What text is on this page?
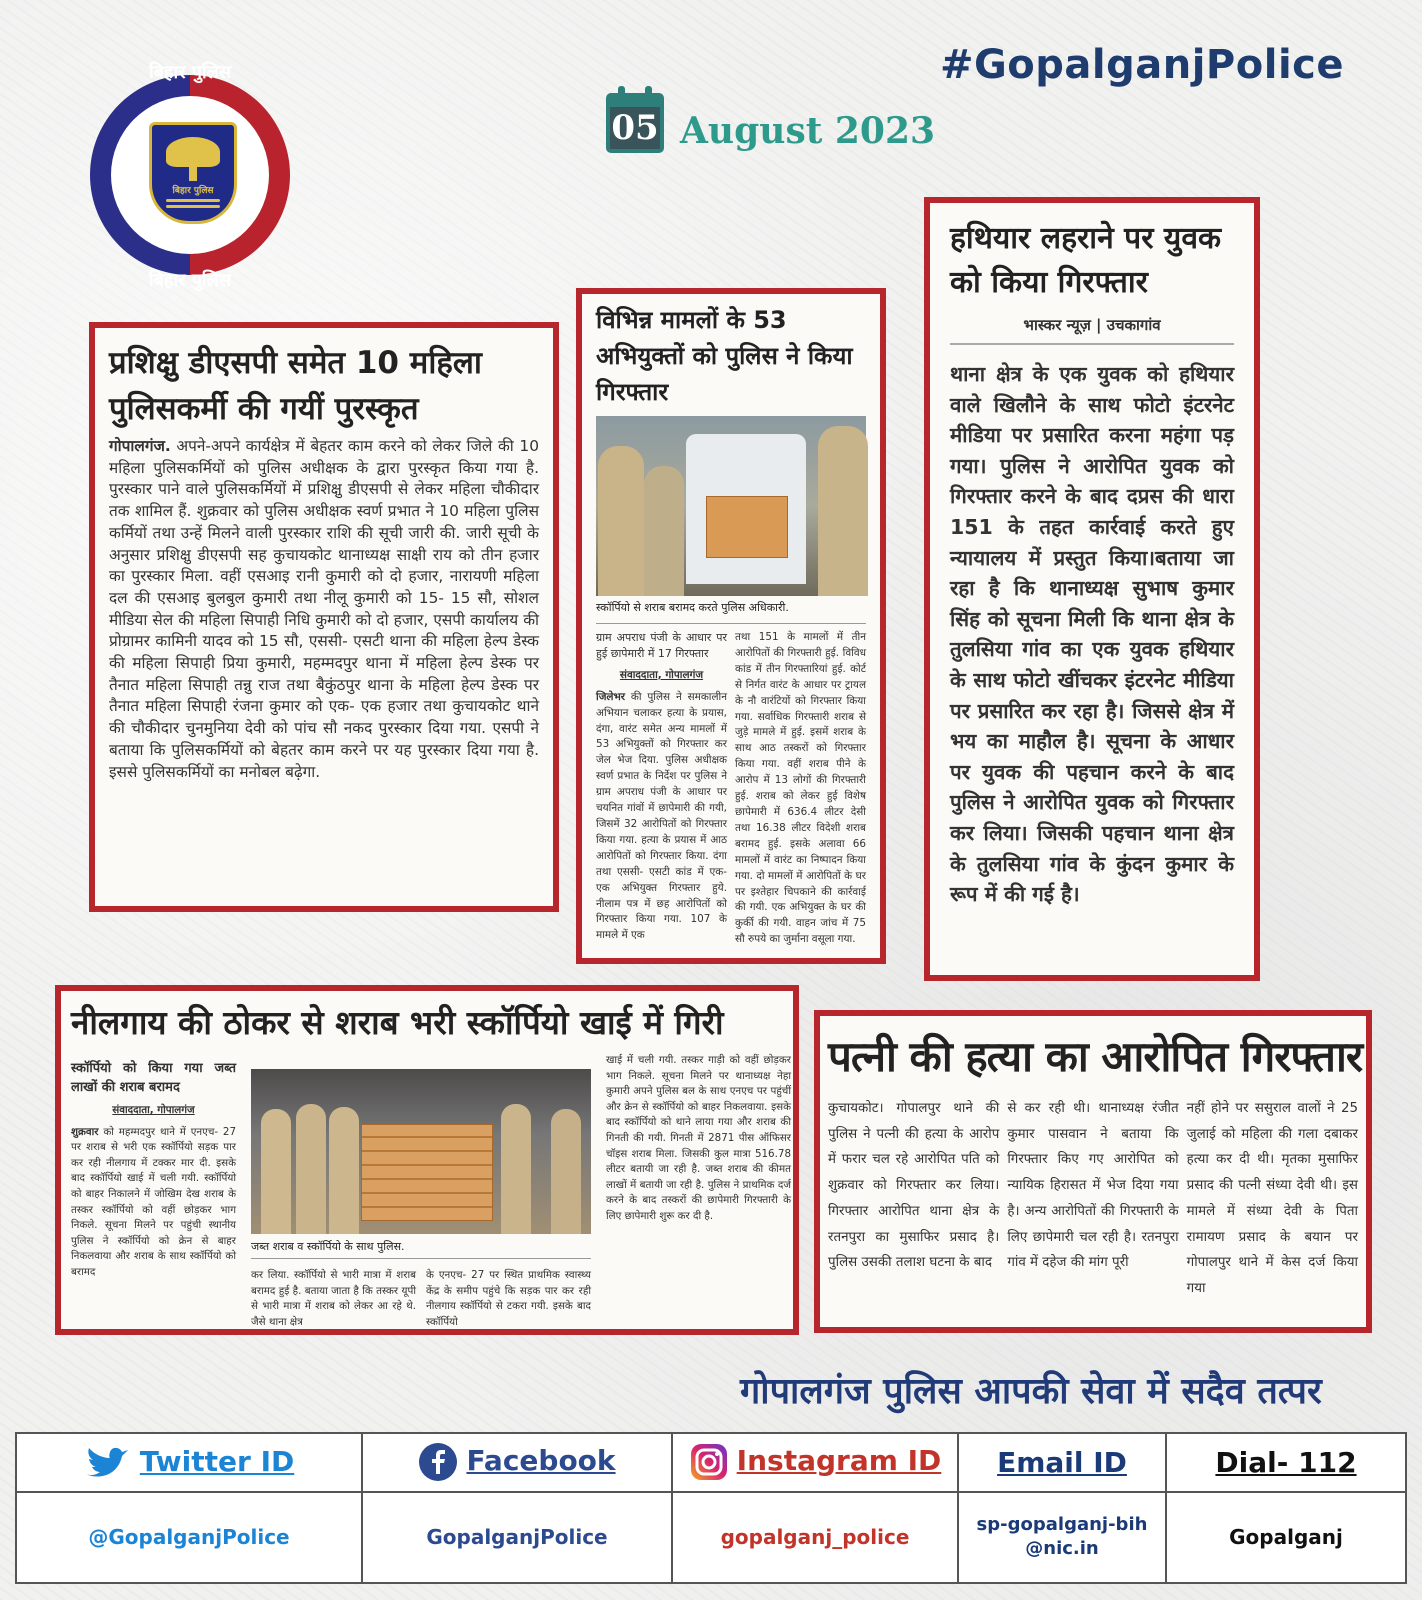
बिहार पुलिस
बिहार पुलिस
बिहार पुलिस
#GopalganjPolice
05 August 2023
प्रशिक्षु डीएसपी समेत 10 महिला पुलिसकर्मी की गयीं पुरस्कृत
गोपालगंज. अपने-अपने कार्यक्षेत्र में बेहतर काम करने को लेकर जिले की 10 महिला पुलिसकर्मियों को पुलिस अधीक्षक के द्वारा पुरस्कृत किया गया है. पुरस्कार पाने वाले पुलिसकर्मियों में प्रशिक्षु डीएसपी से लेकर महिला चौकीदार तक शामिल हैं. शुक्रवार को पुलिस अधीक्षक स्वर्ण प्रभात ने 10 महिला पुलिस कर्मियों तथा उन्हें मिलने वाली पुरस्कार राशि की सूची जारी की. जारी सूची के अनुसार प्रशिक्षु डीएसपी सह कुचायकोट थानाध्यक्ष साक्षी राय को तीन हजार का पुरस्कार मिला. वहीं एसआइ रानी कुमारी को दो हजार, नारायणी महिला दल की एसआइ बुलबुल कुमारी तथा नीलू कुमारी को 15- 15 सौ, सोशल मीडिया सेल की महिला सिपाही निधि कुमारी को दो हजार, एसपी कार्यालय की प्रोग्रामर कामिनी यादव को 15 सौ, एससी- एसटी थाना की महिला हेल्प डेस्क की महिला सिपाही प्रिया कुमारी, महम्मदपुर थाना में महिला हेल्प डेस्क पर तैनात महिला सिपाही तन्नु राज तथा बैकुंठपुर थाना के महिला हेल्प डेस्क पर तैनात महिला सिपाही रंजना कुमार को एक- एक हजार तथा कुचायकोट थाने की चौकीदार चुनमुनिया देवी को पांच सौ नकद पुरस्कार दिया गया. एसपी ने बताया कि पुलिसकर्मियों को बेहतर काम करने पर यह पुरस्कार दिया गया है. इससे पुलिसकर्मियों का मनोबल बढ़ेगा.
विभिन्न मामलों के 53 अभियुक्तों को पुलिस ने किया गिरफ्तार
स्कॉर्पियो से शराब बरामद करते पुलिस अधिकारी.
ग्राम अपराध पंजी के आधार पर हुई छापेमारी में 17 गिरफ्तार
संवाददाता, गोपालगंज
जिलेभर की पुलिस ने समकालीन अभियान चलाकर हत्या के प्रयास, दंगा, वारंट समेत अन्य मामलों में 53 अभियुक्तों को गिरफ्तार कर जेल भेज दिया. पुलिस अधीक्षक स्वर्ण प्रभात के निर्देश पर पुलिस ने ग्राम अपराध पंजी के आधार पर चयनित गांवों में छापेमारी की गयी, जिसमें 32 आरोपितों को गिरफ्तार किया गया. हत्या के प्रयास में आठ आरोपितों को गिरफ्तार किया. दंगा तथा एससी- एसटी कांड में एक-एक अभियुक्त गिरफ्तार हुये. नीलाम पत्र में छह आरोपितों को गिरफ्तार किया गया. 107 के मामले में एक
तथा 151 के मामलों में तीन आरोपितों की गिरफ्तारी हुई. विविध कांड में तीन गिरफ्तारियां हुई. कोर्ट से निर्गत वारंट के आधार पर ट्रायल के नौ वारंटियों को गिरफ्तार किया गया. सर्वाधिक गिरफ्तारी शराब से जुड़े मामले में हुई. इसमें शराब के साथ आठ तस्करों को गिरफ्तार किया गया. वहीं शराब पीने के आरोप में 13 लोगों की गिरफ्तारी हुई. शराब को लेकर हुई विशेष छापेमारी में 636.4 लीटर देसी तथा 16.38 लीटर विदेशी शराब बरामद हुई. इसके अलावा 66 मामलों में वारंट का निष्पादन किया गया. दो मामलों में आरोपितों के घर पर इश्तेहार चिपकाने की कार्रवाई की गयी. एक अभियुक्त के घर की कुर्की की गयी. वाहन जांच में 75 सौ रुपये का जुर्माना वसूला गया.
हथियार लहराने पर युवक को किया गिरफ्तार
भास्कर न्यूज़ | उचकागांव
थाना क्षेत्र के एक युवक को हथियार वाले खिलौने के साथ फोटो इंटरनेट मीडिया पर प्रसारित करना महंगा पड़ गया। पुलिस ने आरोपित युवक को गिरफ्तार करने के बाद दप्रस की धारा 151 के तहत कार्रवाई करते हुए न्यायालय में प्रस्तुत किया।बताया जा रहा है कि थानाध्यक्ष सुभाष कुमार सिंह को सूचना मिली कि थाना क्षेत्र के तुलसिया गांव का एक युवक हथियार के साथ फोटो खींचकर इंटरनेट मीडिया पर प्रसारित कर रहा है। जिससे क्षेत्र में भय का माहौल है। सूचना के आधार पर युवक की पहचान करने के बाद पुलिस ने आरोपित युवक को गिरफ्तार कर लिया। जिसकी पहचान थाना क्षेत्र के तुलसिया गांव के कुंदन कुमार के रूप में की गई है।
नीलगाय की ठोकर से शराब भरी स्कॉर्पियो खाई में गिरी
स्कॉर्पियो को किया गया जब्त लाखों की शराब बरामद
संवाददाता, गोपालगंज
शुक्रवार को महम्मदपुर थाने में एनएच- 27 पर शराब से भरी एक स्कॉर्पियो सड़क पार कर रही नीलगाय में टक्कर मार दी. इसके बाद स्कॉर्पियो खाई में चली गयी. स्कॉर्पियो को बाहर निकालने में जोखिम देख शराब के तस्कर स्कॉर्पियो को वहीं छोड़कर भाग निकले. सूचना मिलने पर पहुंची स्थानीय पुलिस ने स्कॉर्पियो को क्रेन से बाहर निकलवाया और शराब के साथ स्कॉर्पियो को बरामद
जब्त शराब व स्कॉर्पियो के साथ पुलिस.
कर लिया. स्कॉर्पियो से भारी मात्रा में शराब बरामद हुई है. बताया जाता है कि तस्कर यूपी से भारी मात्रा में शराब को लेकर आ रहे थे. जैसे थाना क्षेत्र
के एनएच- 27 पर स्थित प्राथमिक स्वास्थ्य केंद्र के समीप पहुंचे कि सड़क पार कर रही नीलगाय स्कॉर्पियो से टकरा गयी. इसके बाद स्कॉर्पियो
खाई में चली गयी. तस्कर गाड़ी को वहीं छोड़कर भाग निकले. सूचना मिलने पर थानाध्यक्ष नेहा कुमारी अपने पुलिस बल के साथ एनएच पर पहुंचीं और क्रेन से स्कॉर्पियो को बाहर निकलवाया. इसके बाद स्कॉर्पियो को थाने लाया गया और शराब की गिनती की गयी. गिनती में 2871 पीस ऑफिसर चॉइस शराब मिला. जिसकी कुल मात्रा 516.78 लीटर बतायी जा रही है. जब्त शराब की कीमत लाखों में बतायी जा रही है. पुलिस ने प्राथमिक दर्ज करने के बाद तस्करों की छापेमारी गिरफ्तारी के लिए छापेमारी शुरू कर दी है.
पत्नी की हत्या का आरोपित गिरफ्तार
कुचायकोट। गोपालपुर थाने की पुलिस ने पत्नी की हत्या के आरोप में फरार चल रहे आरोपित पति को शुक्रवार को गिरफ्तार कर लिया। गिरफ्तार आरोपित थाना क्षेत्र के रतनपुरा का मुसाफिर प्रसाद है। पुलिस उसकी तलाश घटना के बाद
से कर रही थी। थानाध्यक्ष रंजीत कुमार पासवान ने बताया कि गिरफ्तार किए गए आरोपित को न्यायिक हिरासत में भेज दिया गया है। अन्य आरोपितों की गिरफ्तारी के लिए छापेमारी चल रही है। रतनपुरा गांव में दहेज की मांग पूरी
नहीं होने पर ससुराल वालों ने 25 जुलाई को महिला की गला दबाकर हत्या कर दी थी। मृतका मुसाफिर प्रसाद की पत्नी संध्या देवी थी। इस मामले में संध्या देवी के पिता रामायण प्रसाद के बयान पर गोपालपुर थाने में केस दर्ज किया गया
गोपालगंज पुलिस आपकी सेवा में सदैव तत्पर
Twitter ID	Facebook	Instagram ID	Email ID	Dial- 112
@GopalganjPolice	GopalganjPolice	gopalganj_police	sp-gopalganj-bih@nic.in	Gopalganj
